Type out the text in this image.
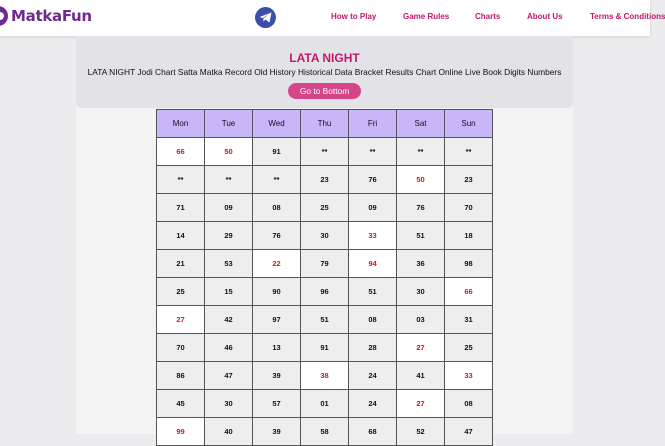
MatkaFun	How to Play	Game Rules	Charts	About Us	Terms & Conditions
LATA NIGHT
LATA NIGHT Jodi Chart Satta Matka Record Old History Historical Data Bracket Results Chart Online Live Book Digits Numbers
Go to Bottom
Mon	Tue	Wed	Thu	Fri	Sat	Sun
66	50	91	**	**	**	**
**	**	**	23	76	50	23
71	09	08	25	09	76	70
14	29	76	30	33	51	18
21	53	22	79	94	36	98
25	15	90	96	51	30	66
27	42	97	51	08	03	31
70	46	13	91	28	27	25
86	47	39	38	24	41	33
45	30	57	01	24	27	08
99	40	39	58	68	52	47
